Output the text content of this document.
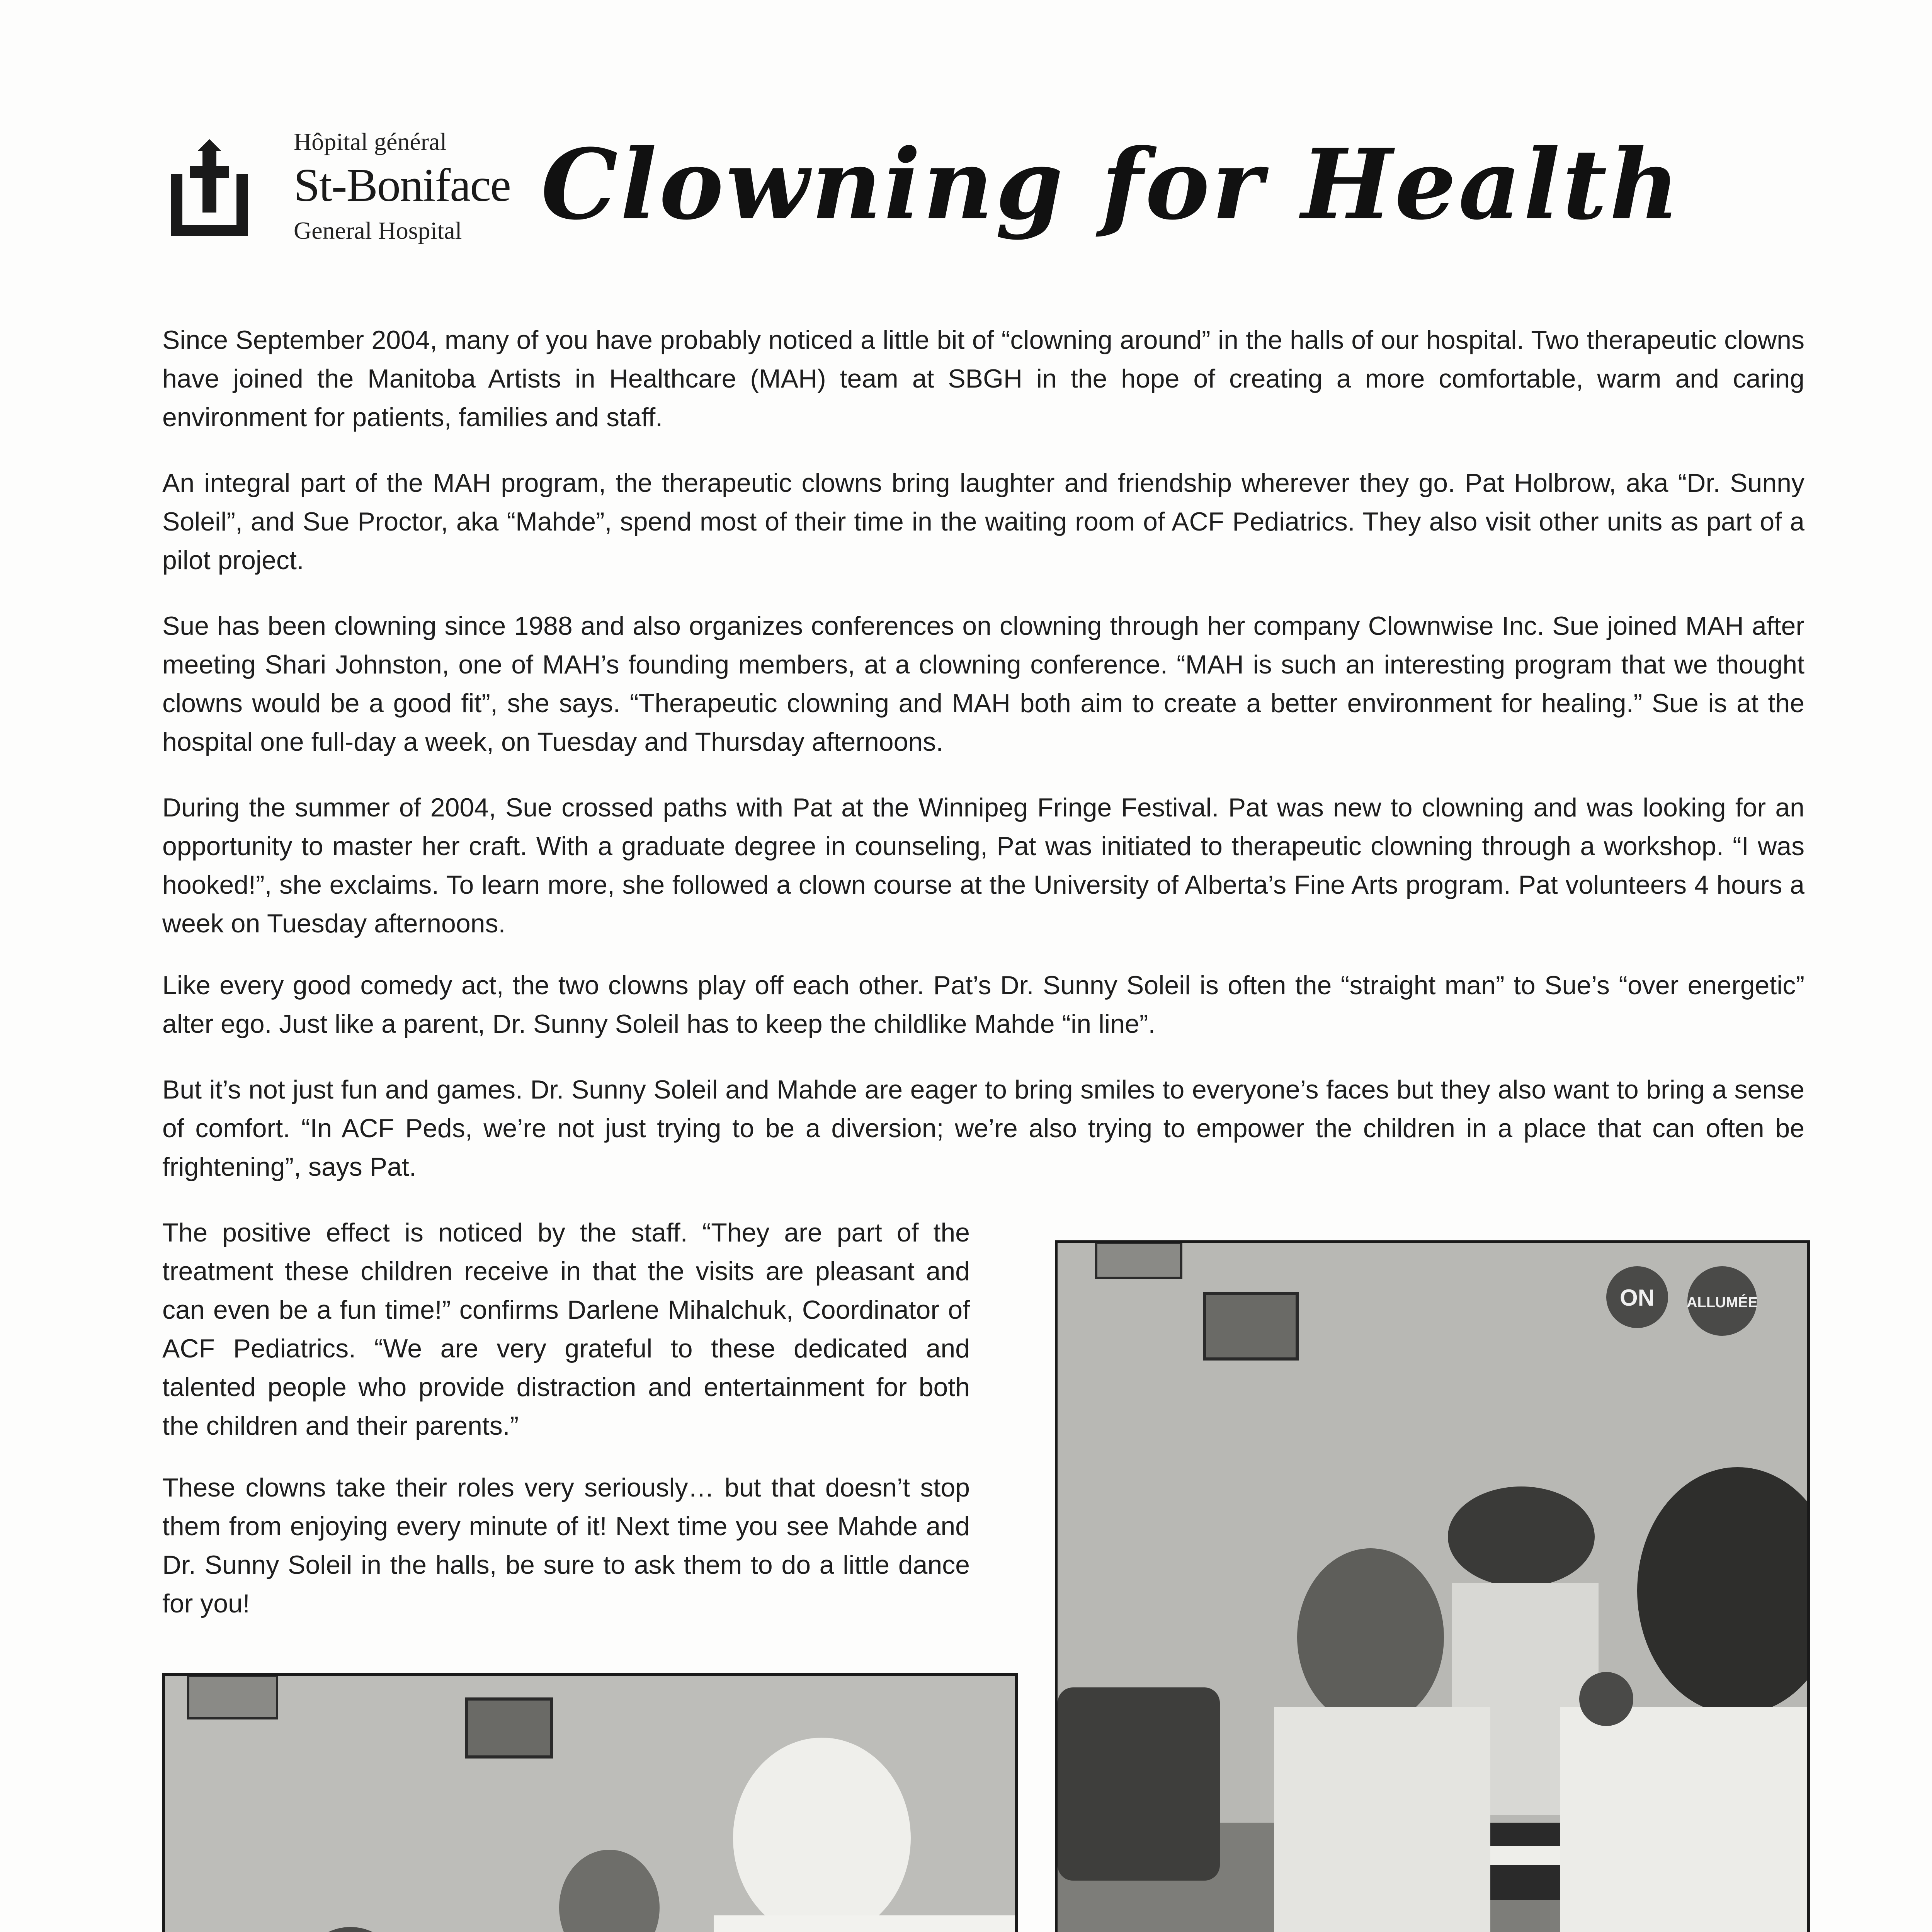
Hôpital général
St-Boniface
General Hospital Clowning for Health

Since September 2004, many of you have probably noticed a little bit of “clowning around” in the halls of our hospital. Two therapeutic clowns have joined the Manitoba Artists in Healthcare (MAH) team at SBGH in the hope of creating a more comfortable, warm and caring environment for patients, families and staff.

An integral part of the MAH program, the therapeutic clowns bring laughter and friendship wherever they go. Pat Holbrow, aka “Dr. Sunny Soleil”, and Sue Proctor, aka “Mahde”, spend most of their time in the waiting room of ACF Pediatrics. They also visit other units as part of a pilot project.

Sue has been clowning since 1988 and also organizes conferences on clowning through her company Clownwise Inc. Sue joined MAH after meeting Shari Johnston, one of MAH’s founding members, at a clowning conference. “MAH is such an interesting program that we thought clowns would be a good fit”, she says. “Therapeutic clowning and MAH both aim to create a better environment for healing.” Sue is at the hospital one full-day a week, on Tuesday and Thursday afternoons.

During the summer of 2004, Sue crossed paths with Pat at the Winnipeg Fringe Festival. Pat was new to clowning and was looking for an opportunity to master her craft. With a graduate degree in counseling, Pat was initiated to therapeutic clowning through a workshop. “I was hooked!”, she exclaims. To learn more, she followed a clown course at the University of Alberta’s Fine Arts program. Pat volunteers 4 hours a week on Tuesday afternoons.

Like every good comedy act, the two clowns play off each other. Pat’s Dr. Sunny Soleil is often the “straight man” to Sue’s “over energetic” alter ego. Just like a parent, Dr. Sunny Soleil has to keep the childlike Mahde “in line”.

But it’s not just fun and games. Dr. Sunny Soleil and Mahde are eager to bring smiles to everyone’s faces but they also want to bring a sense of comfort. “In ACF Peds, we’re not just trying to be a diversion; we’re also trying to empower the children in a place that can often be frightening”, says Pat.

The positive effect is noticed by the staff. “They are part of the treatment these children receive in that the visits are pleasant and can even be a fun time!” confirms Darlene Mihalchuk, Coordinator of ACF Pediatrics. “We are very grateful to these dedicated and talented people who provide distraction and entertainment for both the children and their parents.”

These clowns take their roles very seriously… but that doesn’t stop them from enjoying every minute of it! Next time you see Mahde and Dr. Sunny Soleil in the halls, be sure to ask them to do a little dance for you!

ON ALLUMÉE
